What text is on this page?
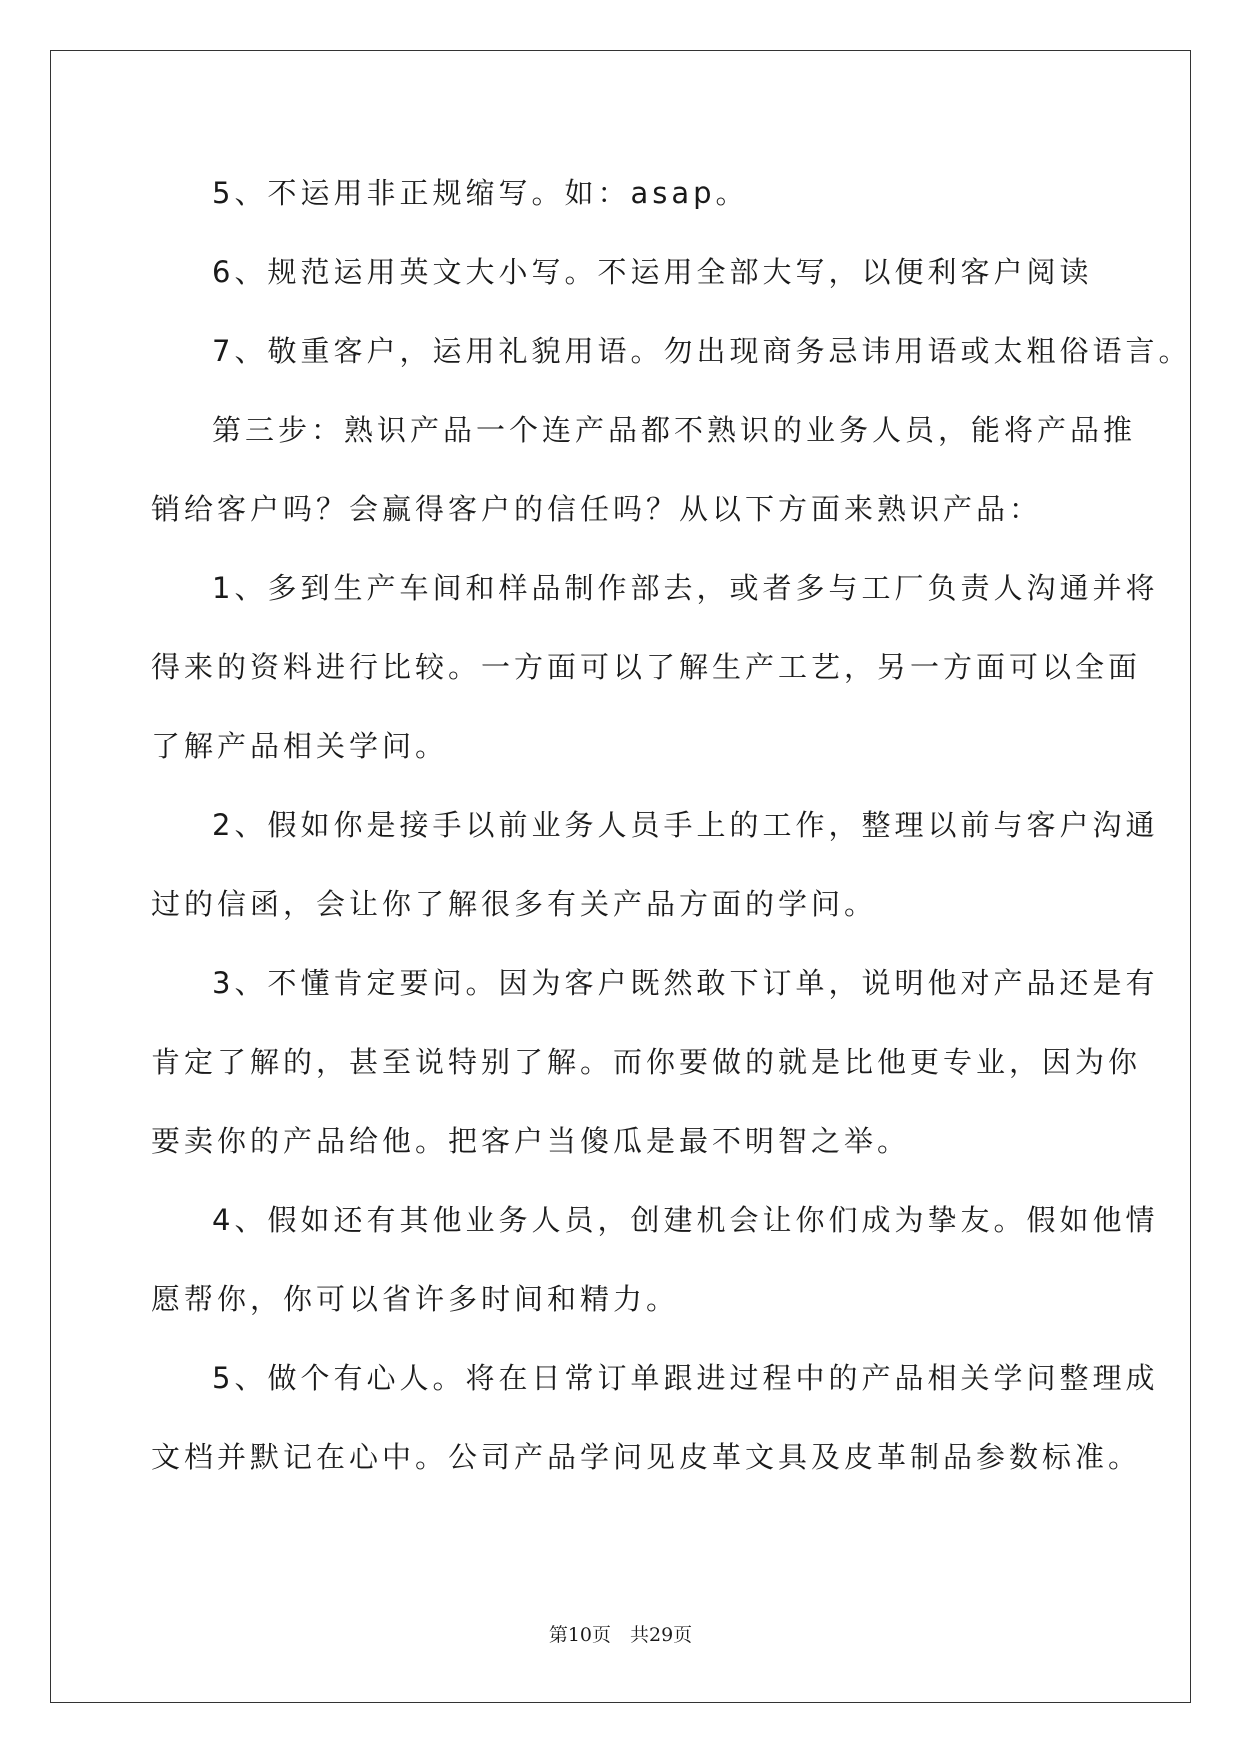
5、不运用非正规缩写。如：asap。
6、规范运用英文大小写。不运用全部大写，以便利客户阅读
7、敬重客户，运用礼貌用语。勿出现商务忌讳用语或太粗俗语言。
第三步：熟识产品一个连产品都不熟识的业务人员，能将产品推
销给客户吗？会赢得客户的信任吗？从以下方面来熟识产品：
1、多到生产车间和样品制作部去，或者多与工厂负责人沟通并将
得来的资料进行比较。一方面可以了解生产工艺，另一方面可以全面
了解产品相关学问。
2、假如你是接手以前业务人员手上的工作，整理以前与客户沟通
过的信函，会让你了解很多有关产品方面的学问。
3、不懂肯定要问。因为客户既然敢下订单，说明他对产品还是有
肯定了解的，甚至说特别了解。而你要做的就是比他更专业，因为你
要卖你的产品给他。把客户当傻瓜是最不明智之举。
4、假如还有其他业务人员，创建机会让你们成为挚友。假如他情
愿帮你，你可以省许多时间和精力。
5、做个有心人。将在日常订单跟进过程中的产品相关学问整理成
文档并默记在心中。公司产品学问见皮革文具及皮革制品参数标准。
第10页　共29页
